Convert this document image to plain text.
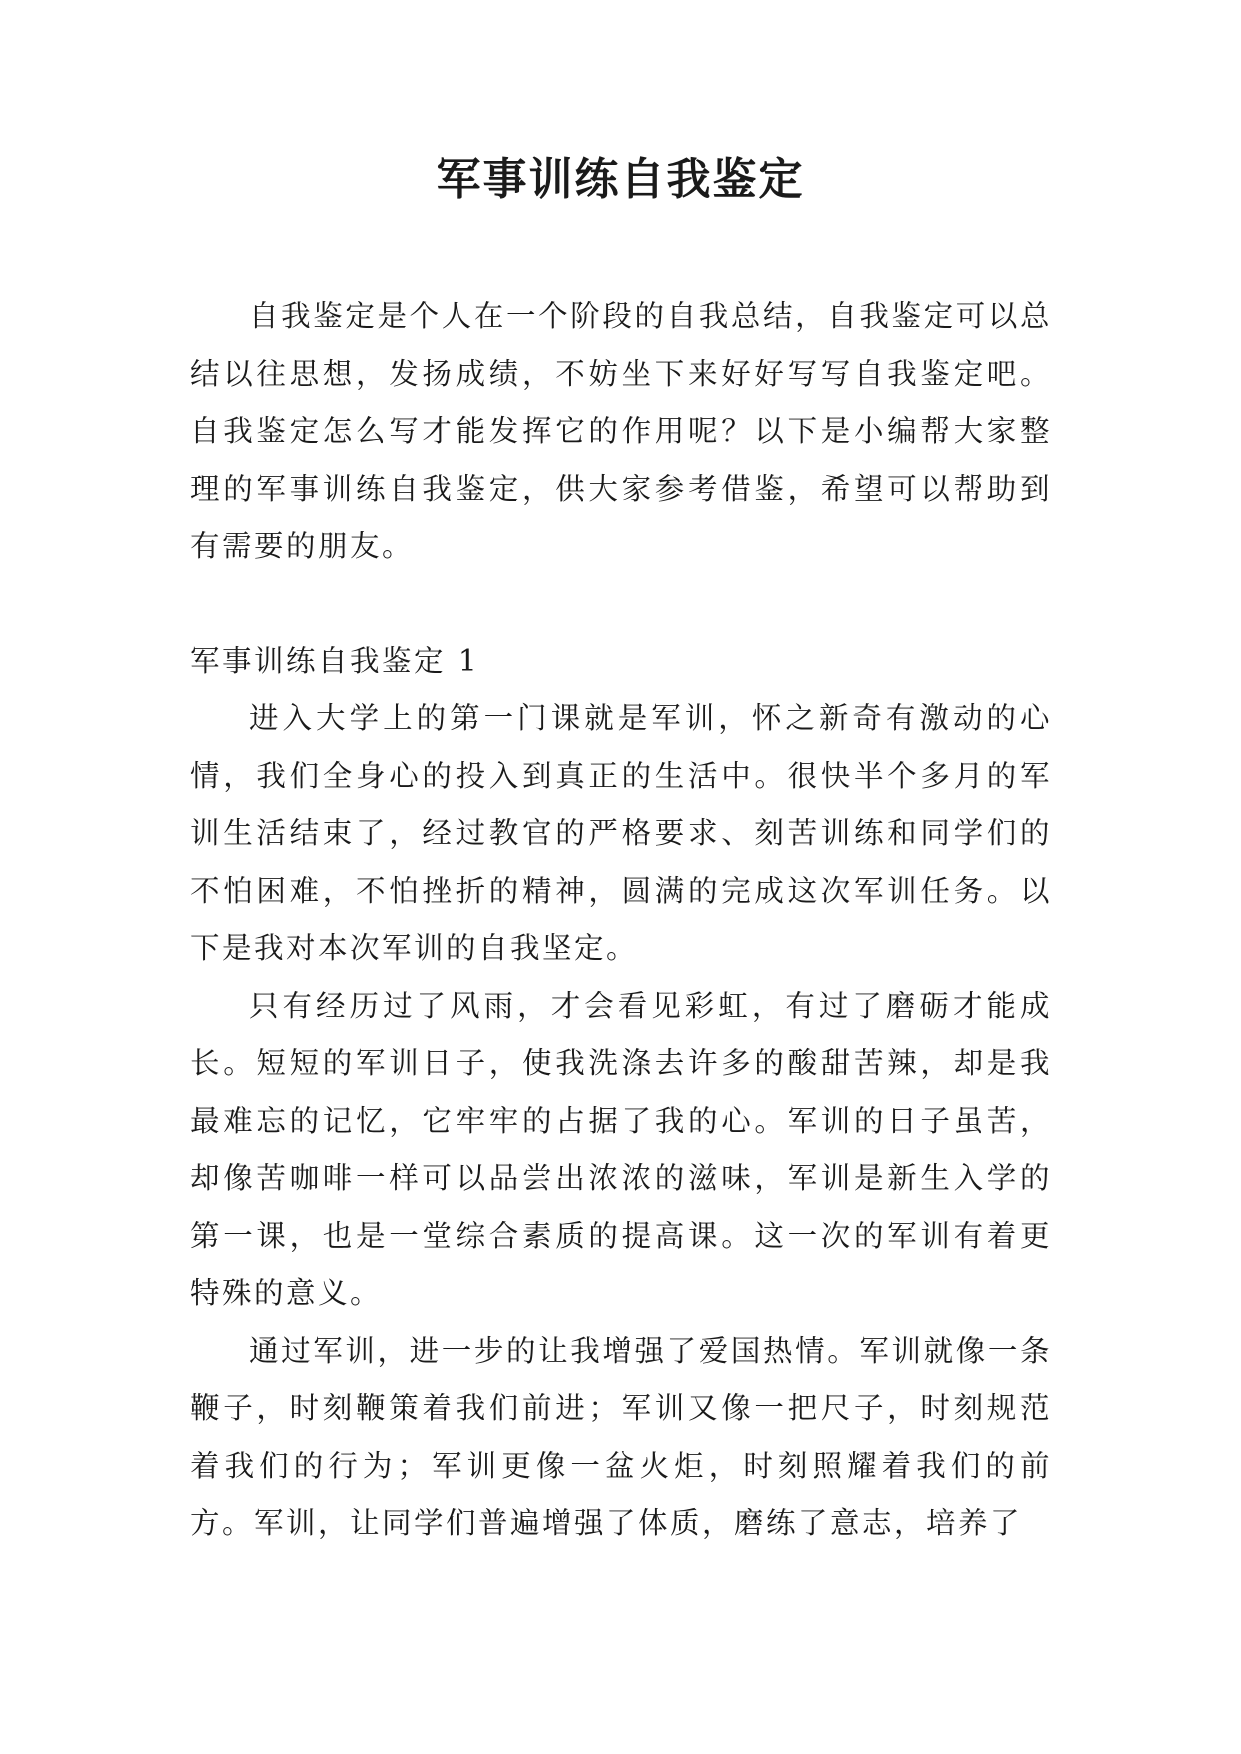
军事训练自我鉴定

自我鉴定是个人在一个阶段的自我总结，自我鉴定可以总结以往思想，发扬成绩，不妨坐下来好好写写自我鉴定吧。自我鉴定怎么写才能发挥它的作用呢？以下是小编帮大家整理的军事训练自我鉴定，供大家参考借鉴，希望可以帮助到有需要的朋友。

军事训练自我鉴定 1

进入大学上的第一门课就是军训，怀之新奇有激动的心情，我们全身心的投入到真正的生活中。很快半个多月的军训生活结束了，经过教官的严格要求、刻苦训练和同学们的不怕困难，不怕挫折的精神，圆满的完成这次军训任务。以下是我对本次军训的自我坚定。

只有经历过了风雨，才会看见彩虹，有过了磨砺才能成长。短短的军训日子，使我洗涤去许多的酸甜苦辣，却是我最难忘的记忆，它牢牢的占据了我的心。军训的日子虽苦，却像苦咖啡一样可以品尝出浓浓的滋味，军训是新生入学的第一课，也是一堂综合素质的提高课。这一次的军训有着更特殊的意义。

通过军训，进一步的让我增强了爱国热情。军训就像一条鞭子，时刻鞭策着我们前进；军训又像一把尺子，时刻规范着我们的行为；军训更像一盆火炬，时刻照耀着我们的前方。军训，让同学们普遍增强了体质，磨练了意志，培养了
